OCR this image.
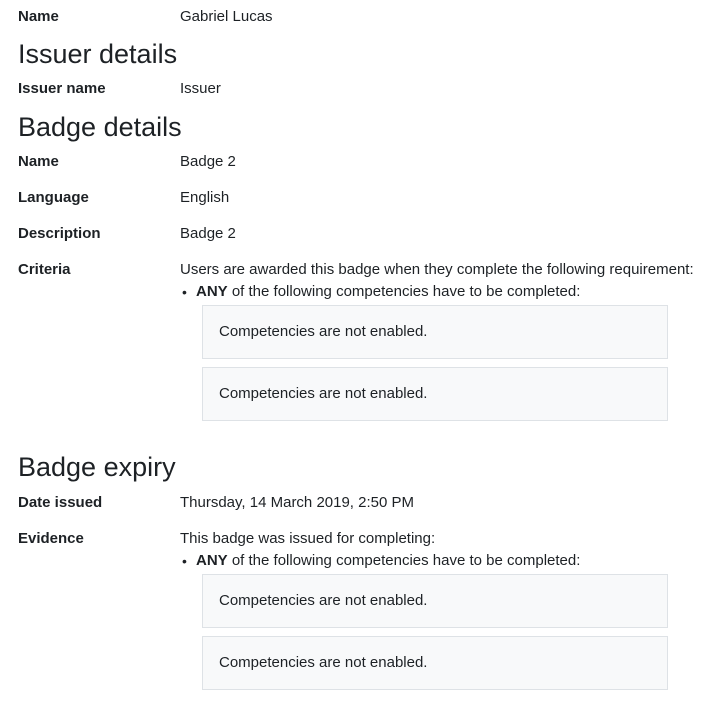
Name	Gabriel Lucas
Issuer details
Issuer name	Issuer
Badge details
Name	Badge 2
Language	English
Description	Badge 2
Criteria	Users are awarded this badge when they complete the following requirement:
• ANY of the following competencies have to be completed:
Competencies are not enabled.
Competencies are not enabled.
Badge expiry
Date issued	Thursday, 14 March 2019, 2:50 PM
Evidence	This badge was issued for completing:
• ANY of the following competencies have to be completed:
Competencies are not enabled.
Competencies are not enabled.
